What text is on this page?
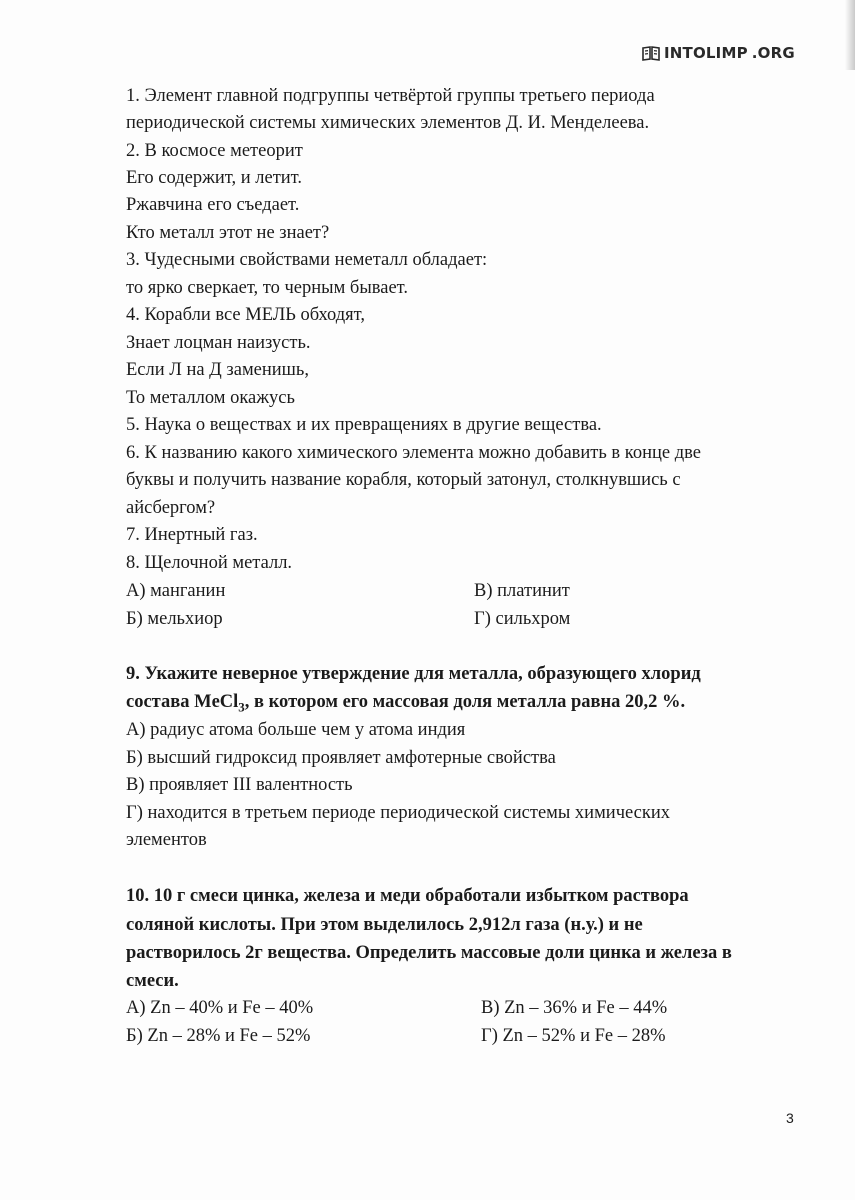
INTOLIMP .ORG
1. Элемент главной подгруппы четвёртой группы третьего периода
периодической системы химических элементов Д. И. Менделеева.
2. В космосе метеорит
Его содержит, и летит.
Ржавчина его съедает.
Кто металл этот не знает?
3. Чудесными свойствами неметалл обладает:
то ярко сверкает, то черным бывает.
4. Корабли все МЕЛЬ обходят,
Знает лоцман наизусть.
Если Л на Д заменишь,
То металлом окажусь
5. Наука о веществах и их превращениях в другие вещества.
6. К названию какого химического элемента можно добавить в конце две
буквы и получить название корабля, который затонул, столкнувшись с
айсбергом?
7. Инертный газ.
8. Щелочной металл.
А) манганин	В) платинит
Б) мельхиор	Г) сильхром
9. Укажите неверное утверждение для металла, образующего хлорид
состава MeCl$_3$, в котором его массовая доля металла равна 20,2 %.
А) радиус атома больше чем у атома индия
Б) высший гидроксид проявляет амфотерные свойства
В) проявляет III валентность
Г) находится в третьем периоде периодической системы химических
элементов
10. 10 г смеси цинка, железа и меди обработали избытком раствора
соляной кислоты. При этом выделилось 2,912л газа (н.у.) и не
растворилось 2г вещества. Определить массовые доли цинка и железа в
смеси.
А) Zn – 40% и Fe – 40%	В) Zn – 36% и Fe – 44%
Б) Zn – 28% и Fe – 52%	Г) Zn – 52% и Fe – 28%
3
